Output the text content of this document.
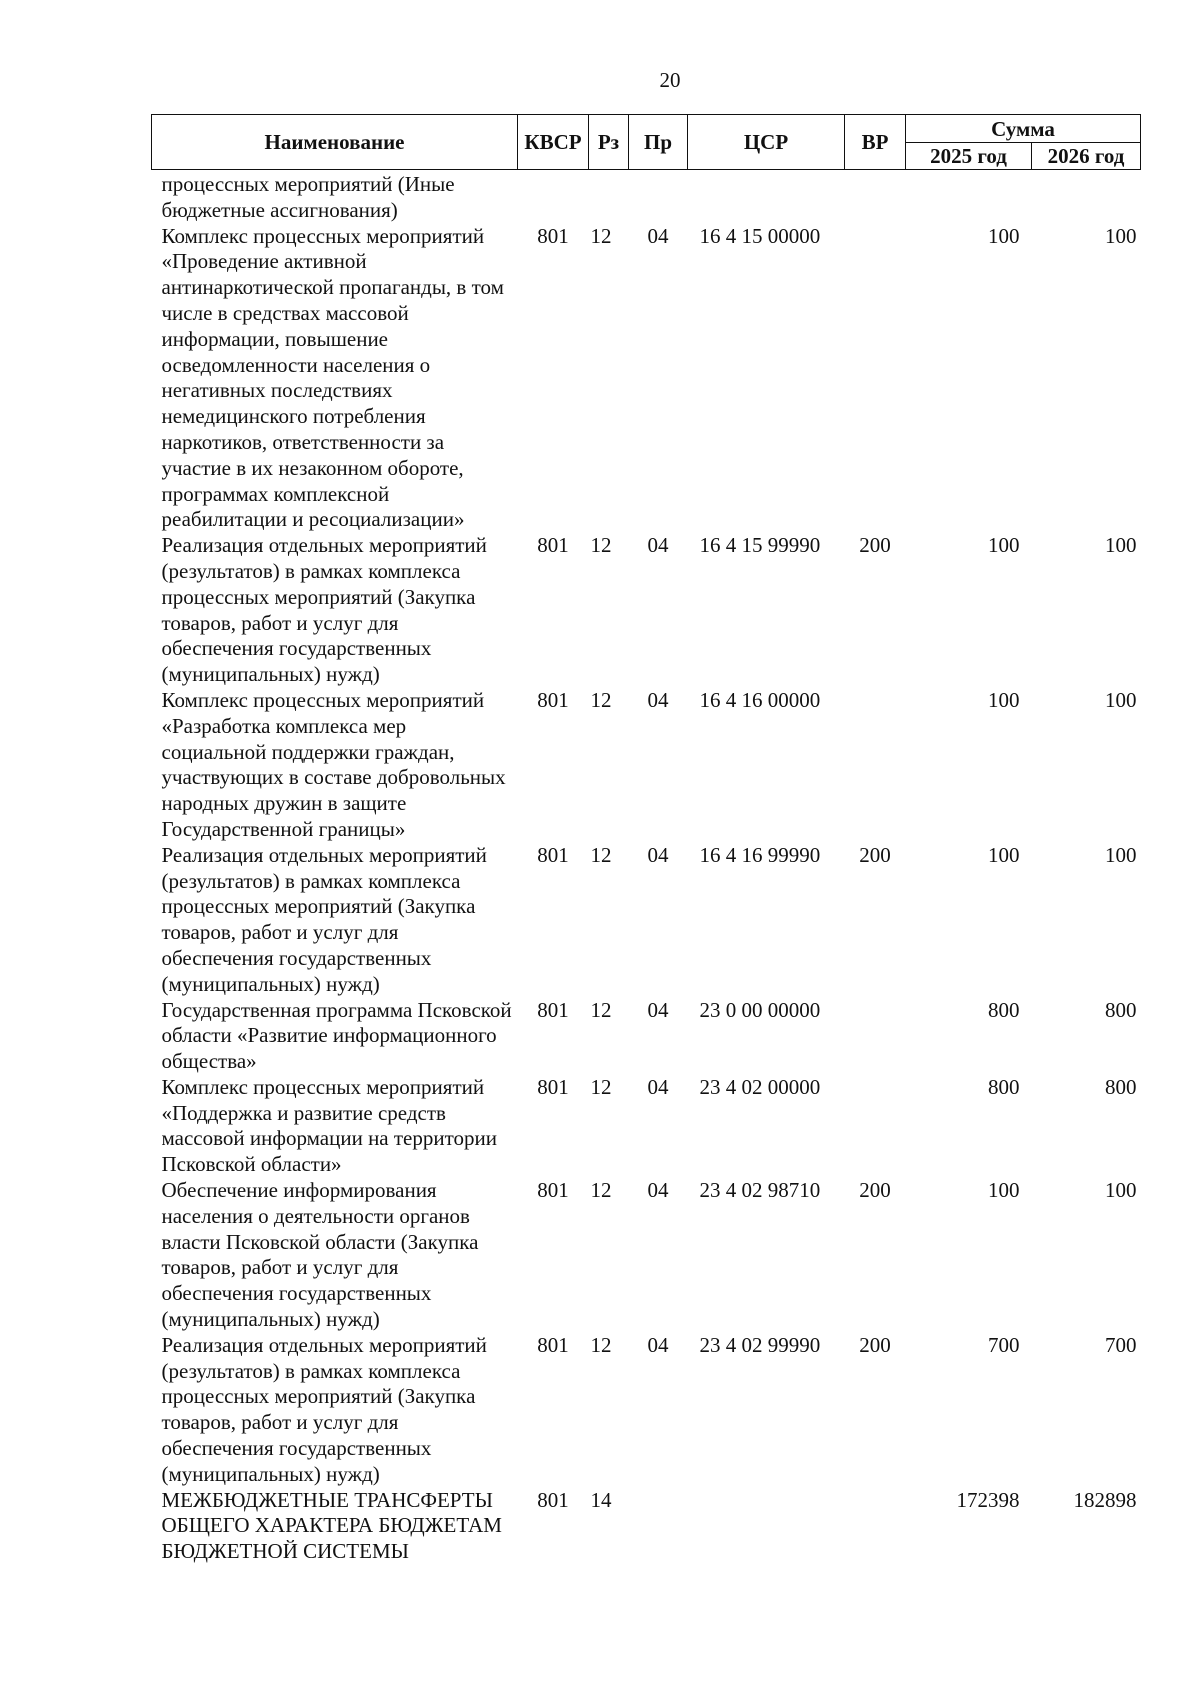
20
Наименование	КВСР	Рз	Пр	ЦСР	ВР	Сумма	
						2025 год	2026 год
процессных мероприятий (Иные бюджетные ассигнования)							
Комплекс процессных мероприятий «Проведение активной антинаркотической пропаганды, в том числе в средствах массовой информации, повышение осведомленности населения о негативных последствиях немедицинского потребления наркотиков, ответственности за участие в их незаконном обороте, программах комплексной реабилитации и ресоциализации»	801	12	04	16 4 15 00000		100	100
Реализация отдельных мероприятий (результатов) в рамках комплекса процессных мероприятий (Закупка товаров, работ и услуг для обеспечения государственных (муниципальных) нужд)	801	12	04	16 4 15 99990	200	100	100
Комплекс процессных мероприятий «Разработка комплекса мер социальной поддержки граждан, участвующих в составе добровольных народных дружин в защите Государственной границы»	801	12	04	16 4 16 00000		100	100
Реализация отдельных мероприятий (результатов) в рамках комплекса процессных мероприятий (Закупка товаров, работ и услуг для обеспечения государственных (муниципальных) нужд)	801	12	04	16 4 16 99990	200	100	100
Государственная программа Псковской области «Развитие информационного общества»	801	12	04	23 0 00 00000		800	800
Комплекс процессных мероприятий «Поддержка и развитие средств массовой информации на территории Псковской области»	801	12	04	23 4 02 00000		800	800
Обеспечение информирования населения о деятельности органов власти Псковской области (Закупка товаров, работ и услуг для обеспечения государственных (муниципальных) нужд)	801	12	04	23 4 02 98710	200	100	100
Реализация отдельных мероприятий (результатов) в рамках комплекса процессных мероприятий (Закупка товаров, работ и услуг для обеспечения государственных (муниципальных) нужд)	801	12	04	23 4 02 99990	200	700	700
МЕЖБЮДЖЕТНЫЕ ТРАНСФЕРТЫ ОБЩЕГО ХАРАКТЕРА БЮДЖЕТАМ БЮДЖЕТНОЙ СИСТЕМЫ	801	14				172398	182898
